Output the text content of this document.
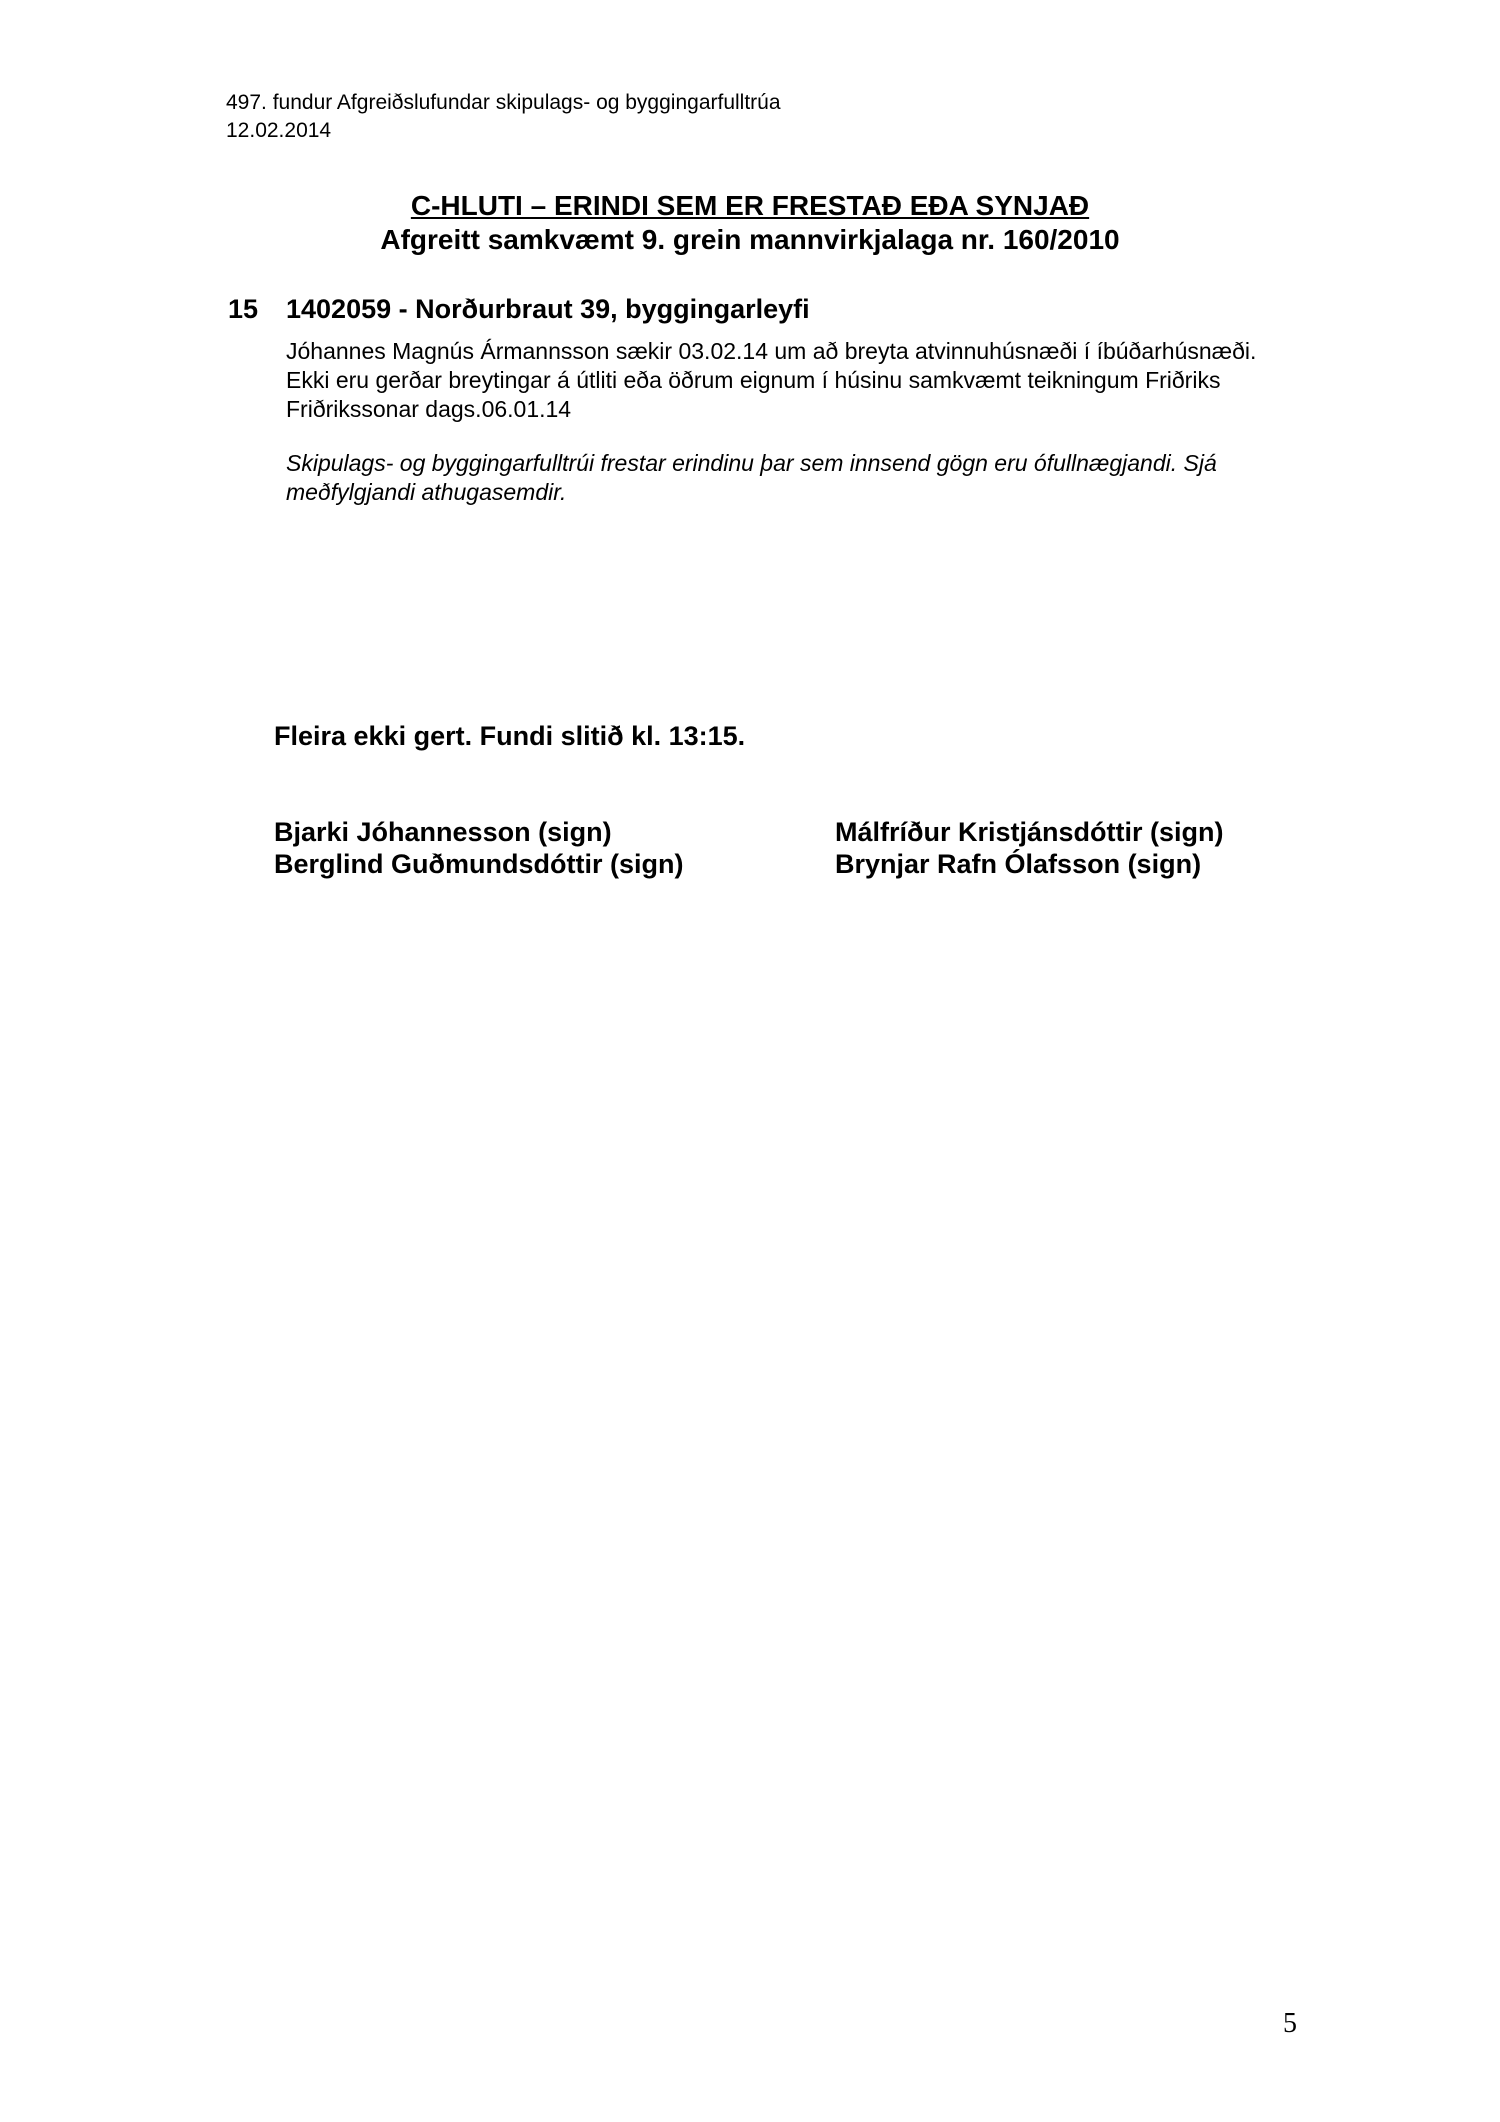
497. fundur Afgreiðslufundar skipulags- og byggingarfulltrúa
12.02.2014
C-HLUTI – ERINDI SEM ER FRESTAÐ EÐA SYNJAÐ
Afgreitt samkvæmt 9. grein mannvirkjalaga nr. 160/2010
15 1402059 - Norðurbraut 39, byggingarleyfi

Jóhannes Magnús Ármannsson sækir 03.02.14 um að breyta atvinnuhúsnæði í íbúðarhúsnæði. Ekki eru gerðar breytingar á útliti eða öðrum eignum í húsinu samkvæmt teikningum Friðriks Friðrikssonar dags.06.01.14

Skipulags- og byggingarfulltrúi frestar erindinu þar sem innsend gögn eru ófullnægjandi. Sjá meðfylgjandi athugasemdir.

Fleira ekki gert. Fundi slitið kl. 13:15.
Bjarki Jóhannesson (sign)
Berglind Guðmundsdóttir (sign)
Málfríður Kristjánsdóttir (sign)
Brynjar Rafn Ólafsson (sign)
5
